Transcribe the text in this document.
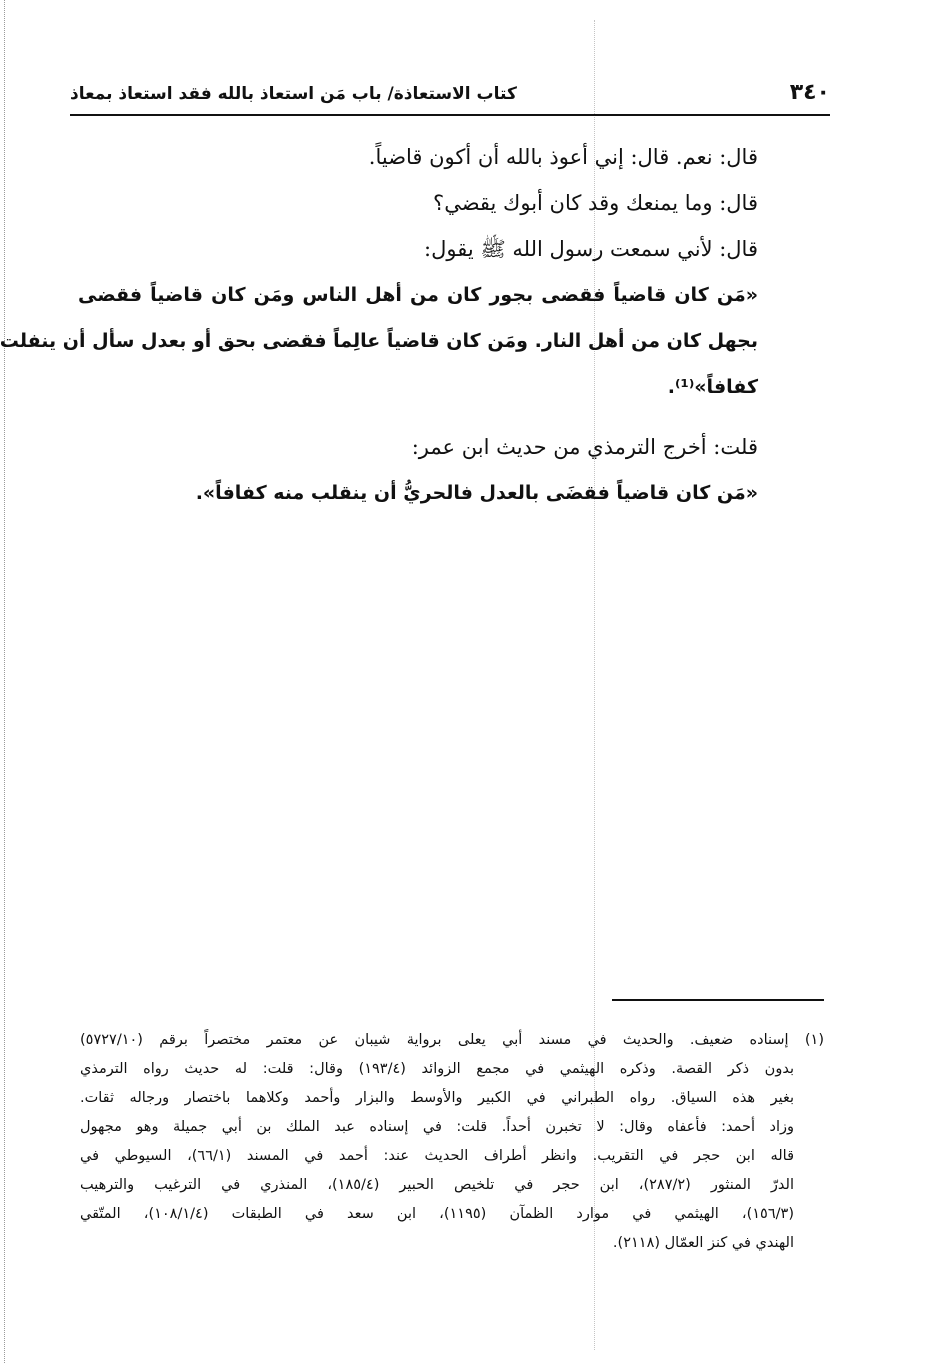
٣٤٠
كتاب الاستعاذة/ باب مَن استعاذ بالله فقد استعاذ بمعاذ
قال: نعم. قال: إني أعوذ بالله أن أكون قاضياً.
قال: وما يمنعك وقد كان أبوك يقضي؟
قال: لأني سمعت رسول الله ﷺ يقول:
«مَن كان قاضياً فقضى بجور كان من أهل الناس ومَن كان قاضياً فقضى
بجهل كان من أهل النار. ومَن كان قاضياً عالِماً فقضى بحق أو بعدل سأل أن ينفلت
كفافاً»⁽¹⁾.
قلت: أخرج الترمذي من حديث ابن عمر:
«مَن كان قاضياً فقضَى بالعدل فالحريُّ أن ينقلب منه كفافاً».
(١) إسناده ضعيف. والحديث في مسند أبي يعلى برواية شيبان عن معتمر مختصراً برقم (٥٧٢٧/١٠)
بدون ذكر القصة. وذكره الهيثمي في مجمع الزوائد (١٩٣/٤) وقال: قلت: له حديث رواه الترمذي
بغير هذه السياق. رواه الطبراني في الكبير والأوسط والبزار وأحمد وكلاهما باختصار ورجاله ثقات.
وزاد أحمد: فأعفاه وقال: لا تخبرن أحداً. قلت: في إسناده عبد الملك بن أبي جميلة وهو مجهول
قاله ابن حجر في التقريب. وانظر أطراف الحديث عند: أحمد في المسند (٦٦/١)، السيوطي في
الدرّ المنثور (٢٨٧/٢)، ابن حجر في تلخيص الحبير (١٨٥/٤)، المنذري في الترغيب والترهيب
(١٥٦/٣)، الهيثمي في موارد الظمآن (١١٩٥)، ابن سعد في الطبقات (١٠٨/١/٤)، المتّقي
الهندي في كنز العمّال (٢١١٨).
